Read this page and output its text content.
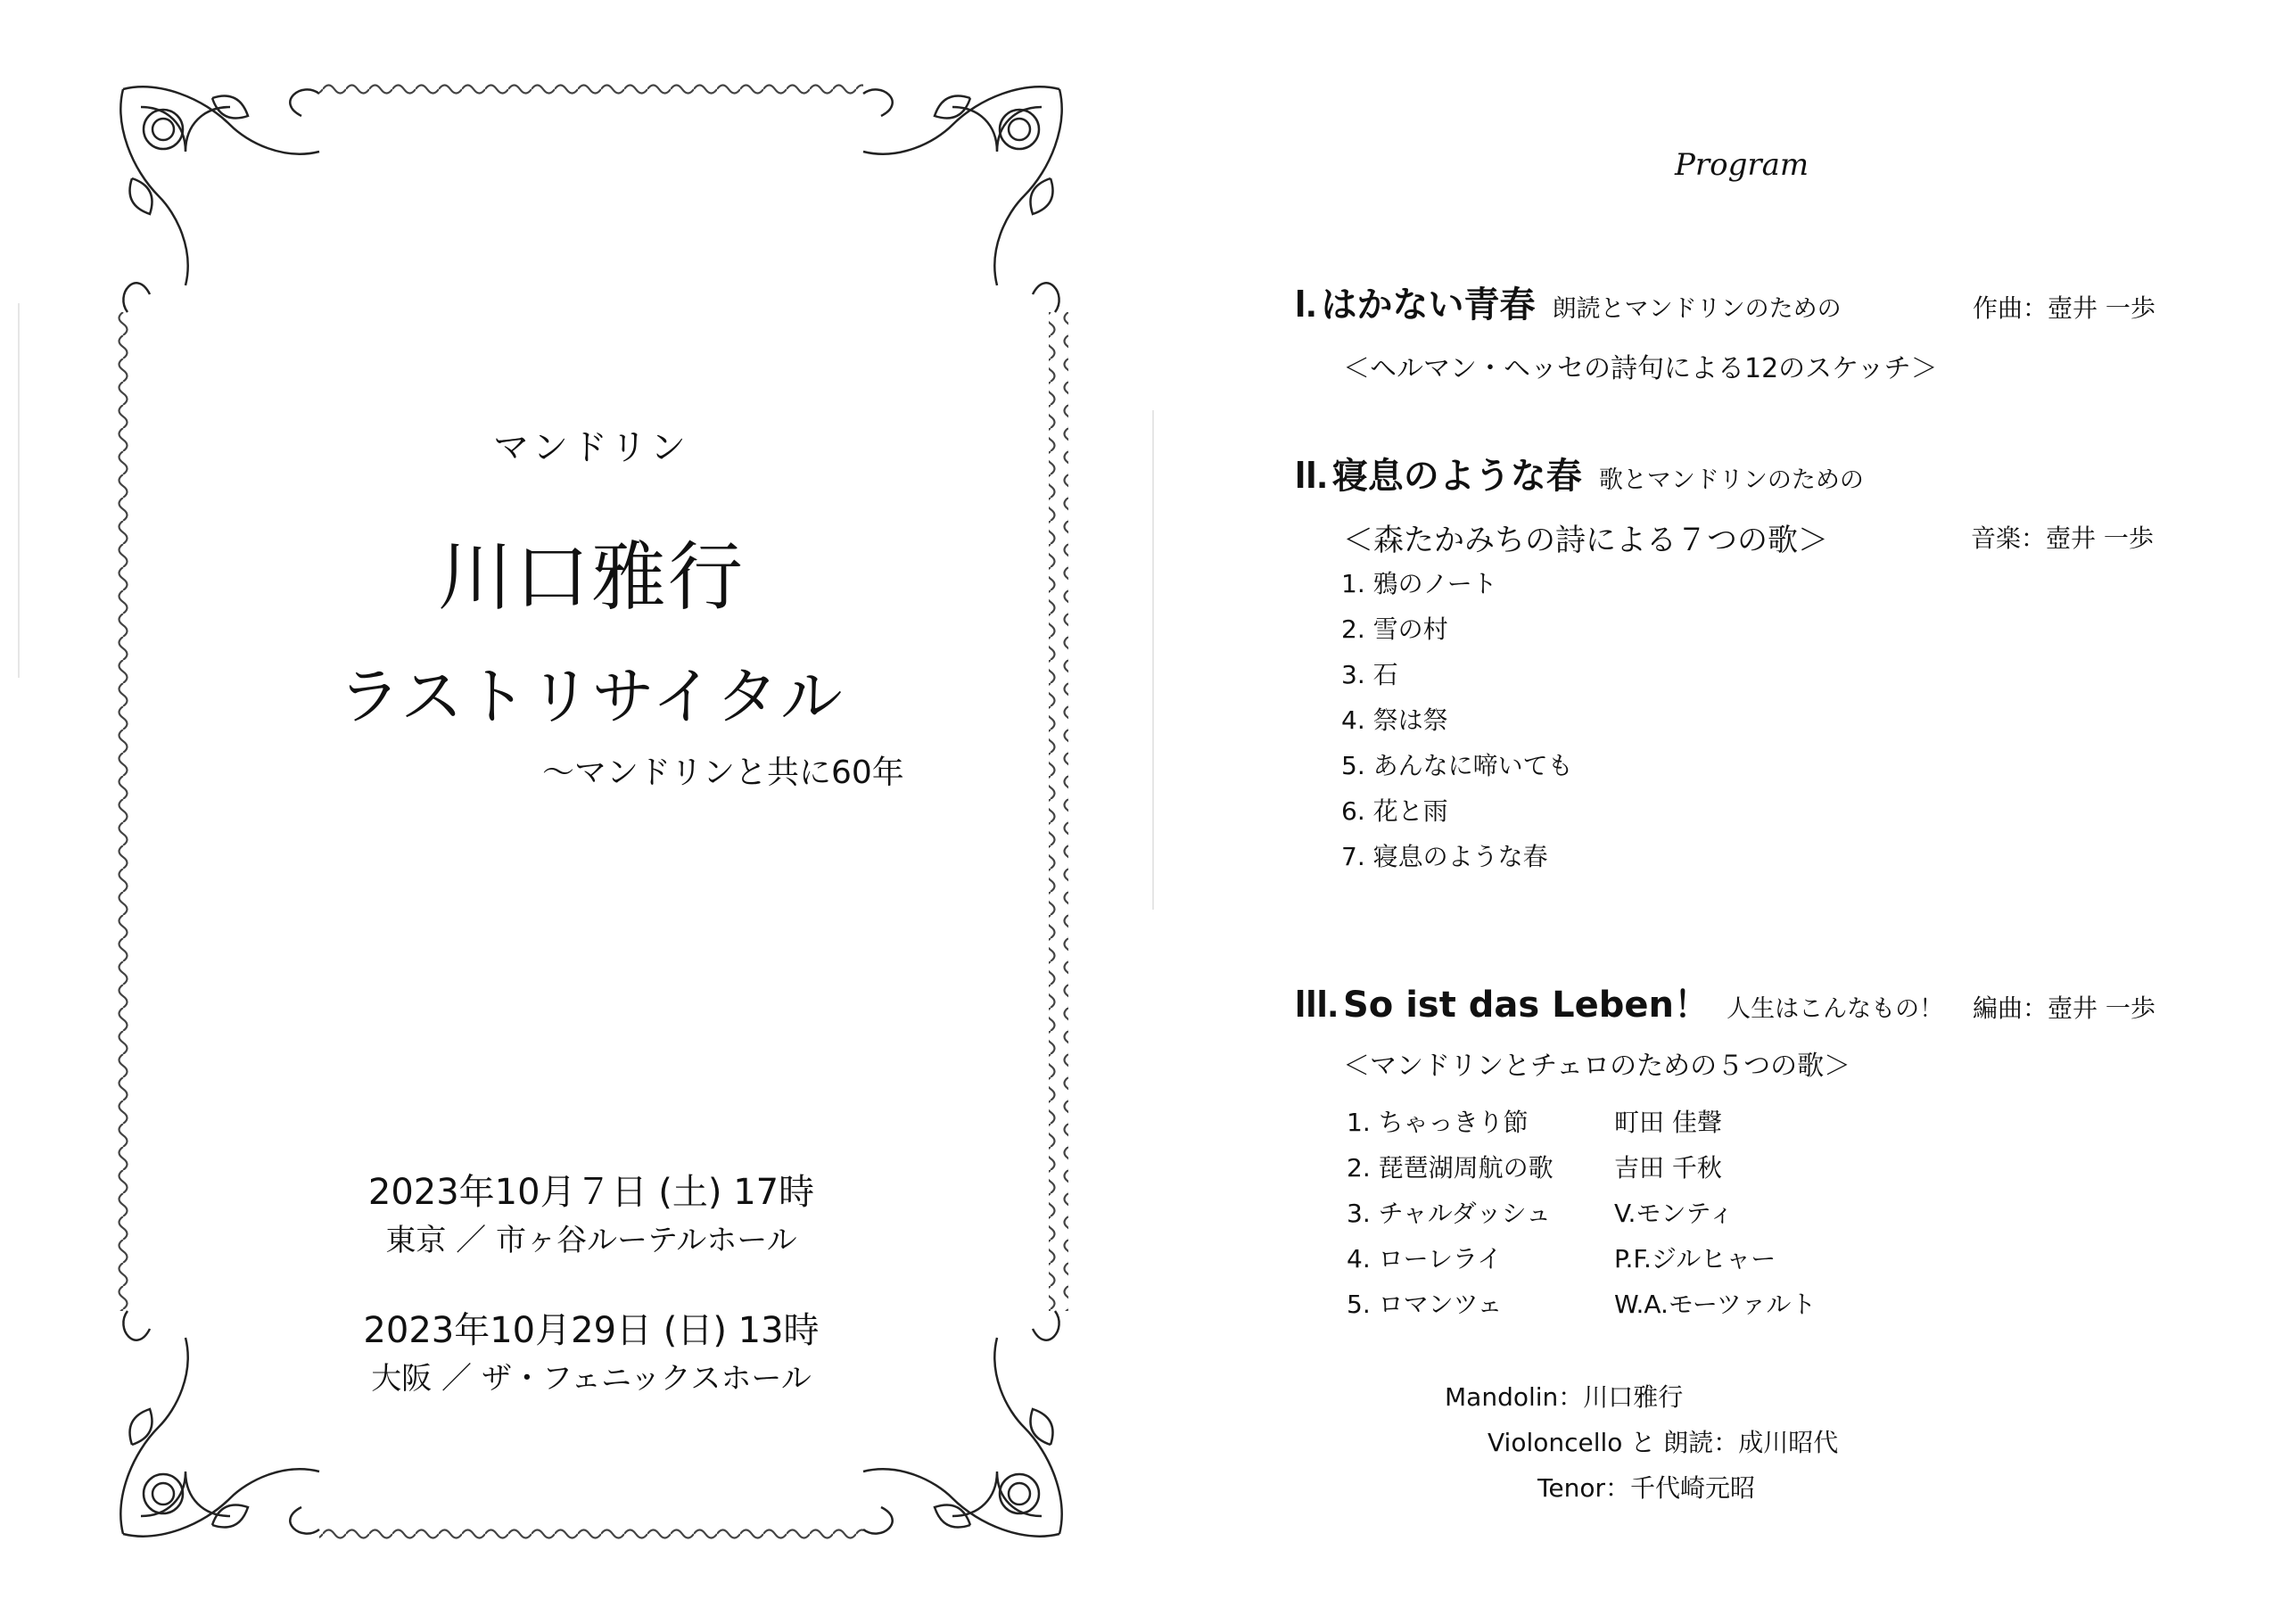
マンドリン
川口雅行
ラストリサイタル
〜マンドリンと共に60年
2023年10月７日 (土) 17時
東京 ／ 市ヶ谷ルーテルホール
2023年10月29日 (日) 13時
大阪 ／ ザ・フェニックスホール
Program
I. はかない青春 朗読とマンドリンのための	作曲：壺井 一歩
＜ヘルマン・ヘッセの詩句による12のスケッチ＞
II. 寝息のような春 歌とマンドリンのための
＜森たかみちの詩による７つの歌＞	音楽：壺井 一歩
1. 鴉のノート
2. 雪の村
3. 石
4. 祭は祭
5. あんなに啼いても
6. 花と雨
7. 寝息のような春
III. So ist das Leben！ 人生はこんなもの！ 編曲：壺井 一歩
＜マンドリンとチェロのための５つの歌＞
1. ちゃっきり節	町田 佳聲
2. 琵琶湖周航の歌 吉田 千秋
3. チャルダッシュ	V.モンティ
4. ローレライ	P.F.ジルヒャー
5. ロマンツェ	W.A.モーツァルト
Mandolin：川口雅行
Violoncello と 朗読：成川昭代
Tenor：千代崎元昭
